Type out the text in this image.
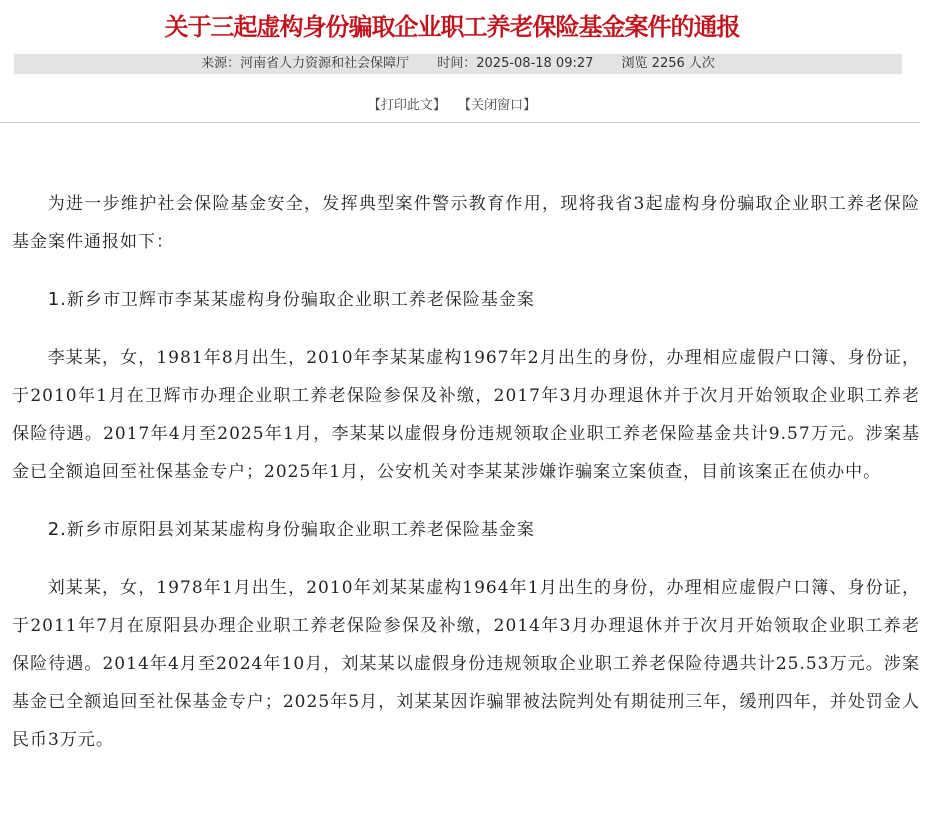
关于三起虚构身份骗取企业职工养老保险基金案件的通报
来源：河南省人力资源和社会保障厅 时间：2025-08-18 09:27 浏览 2256 人次
【打印此文】 【关闭窗口】

为进一步维护社会保险基金安全，发挥典型案件警示教育作用，现将我省3起虚构身份骗取企业职工养老保险基金案件通报如下：

1.新乡市卫辉市李某某虚构身份骗取企业职工养老保险基金案

李某某，女，1981年8月出生，2010年李某某虚构1967年2月出生的身份，办理相应虚假户口簿、身份证，于2010年1月在卫辉市办理企业职工养老保险参保及补缴，2017年3月办理退休并于次月开始领取企业职工养老保险待遇。2017年4月至2025年1月，李某某以虚假身份违规领取企业职工养老保险基金共计9.57万元。涉案基金已全额追回至社保基金专户；2025年1月，公安机关对李某某涉嫌诈骗案立案侦查，目前该案正在侦办中。

2.新乡市原阳县刘某某虚构身份骗取企业职工养老保险基金案

刘某某，女，1978年1月出生，2010年刘某某虚构1964年1月出生的身份，办理相应虚假户口簿、身份证，于2011年7月在原阳县办理企业职工养老保险参保及补缴，2014年3月办理退休并于次月开始领取企业职工养老保险待遇。2014年4月至2024年10月，刘某某以虚假身份违规领取企业职工养老保险待遇共计25.53万元。涉案基金已全额追回至社保基金专户；2025年5月，刘某某因诈骗罪被法院判处有期徒刑三年，缓刑四年，并处罚金人民币3万元。
